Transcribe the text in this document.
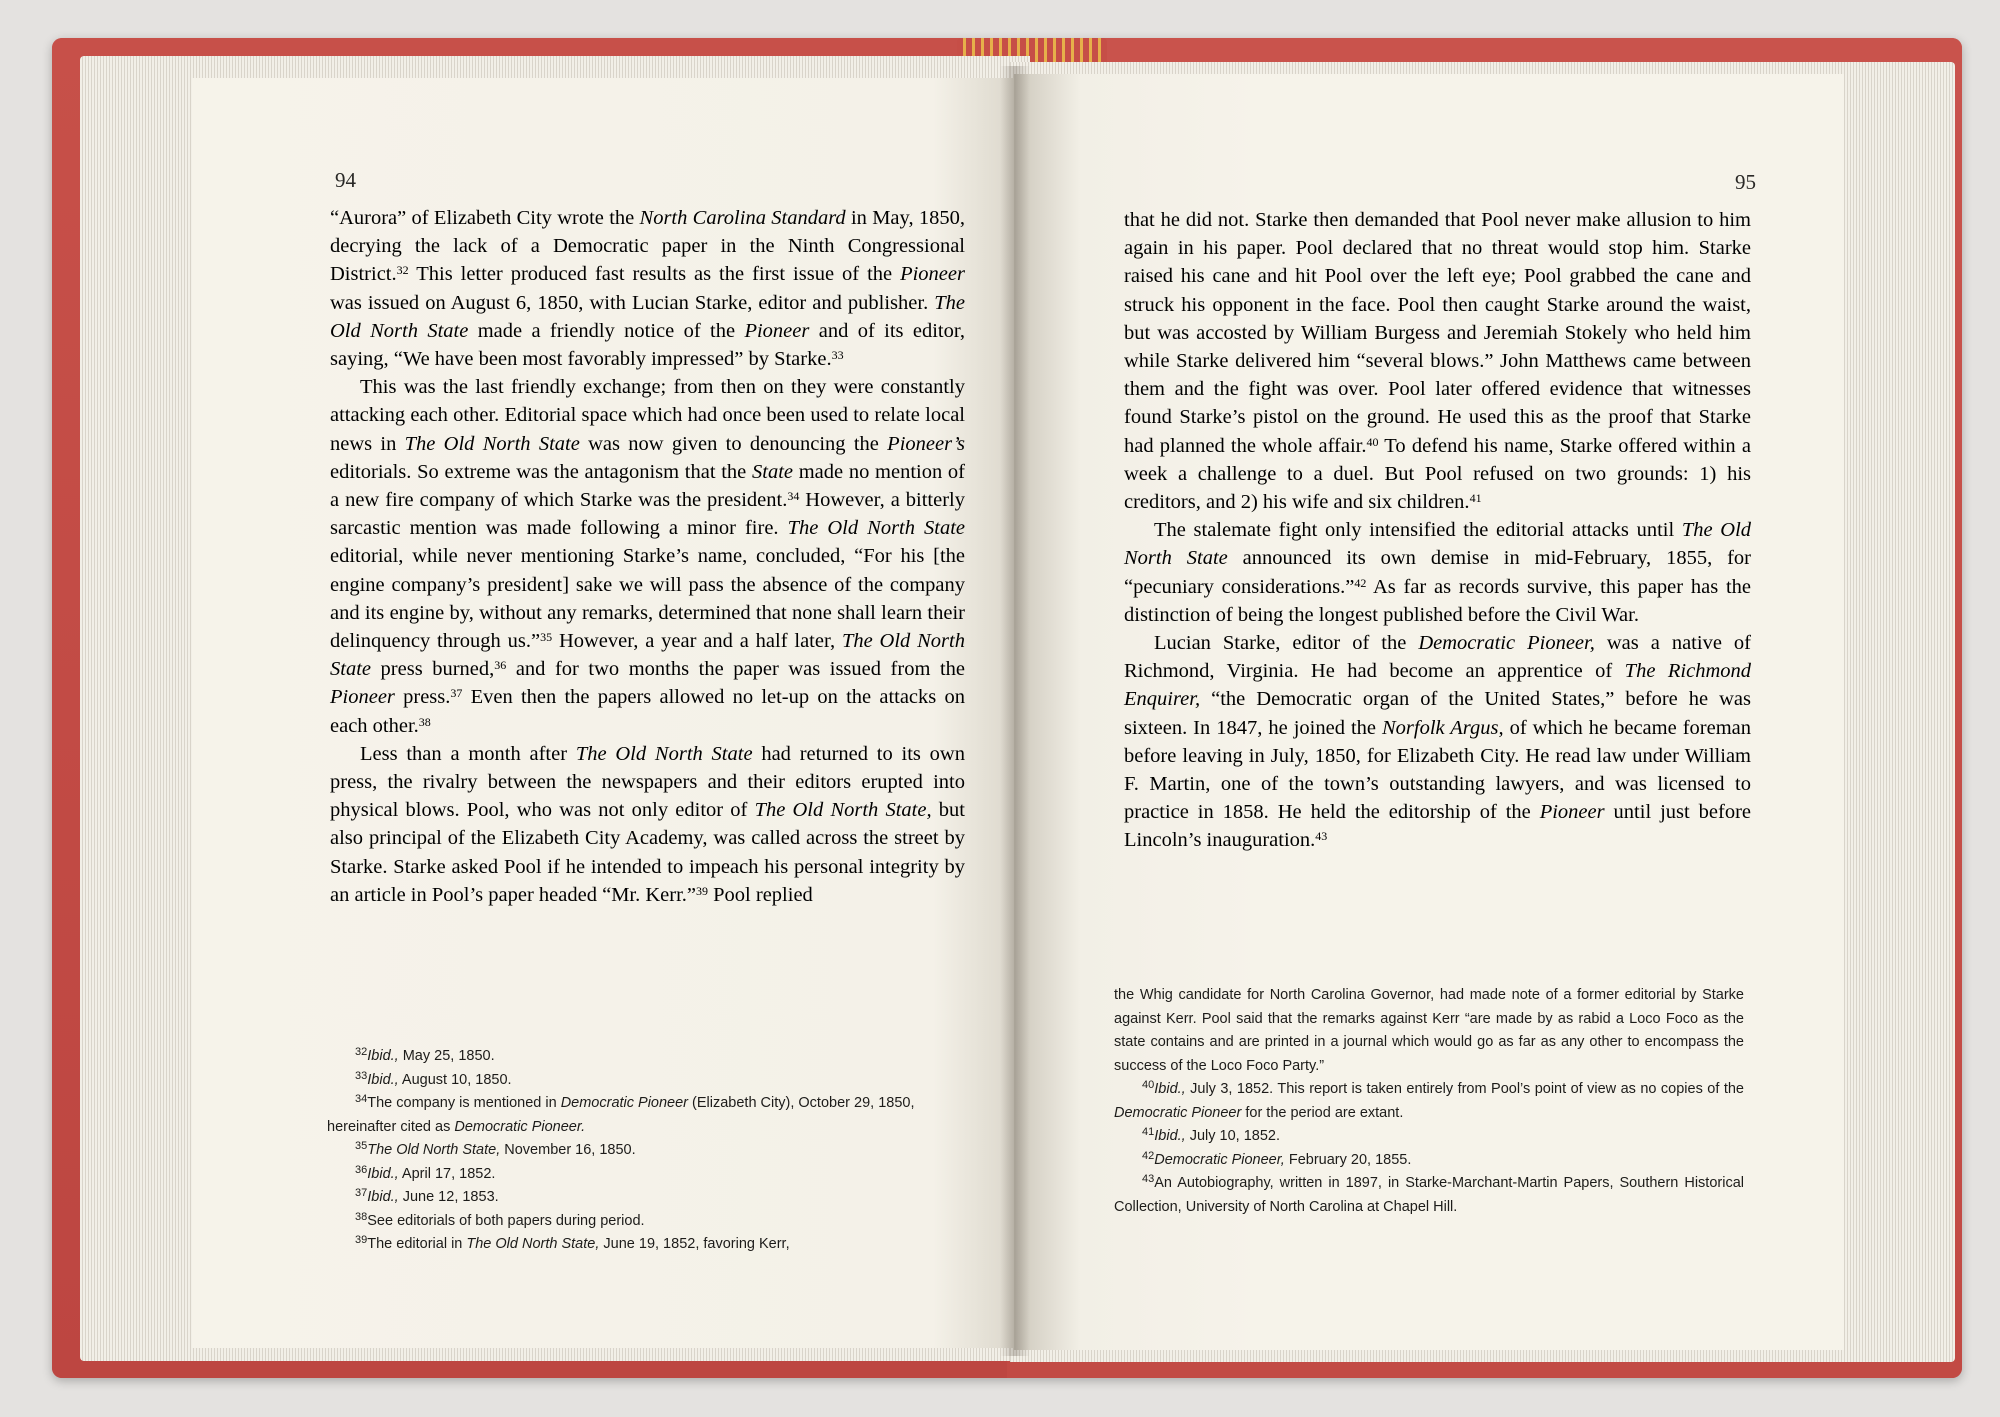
94	95

“Aurora” of Elizabeth City wrote the North Carolina Standard in May, 1850, decrying the lack of a Democratic paper in the Ninth Congressional District.$^{32}$ This letter produced fast results as the first issue of the Pioneer was issued on August 6, 1850, with Lucian Starke, editor and publisher. The Old North State made a friendly notice of the Pioneer and of its editor, saying, “We have been most favorably impressed” by Starke.$^{33}$

This was the last friendly exchange; from then on they were constantly attacking each other. Editorial space which had once been used to relate local news in The Old North State was now given to denouncing the Pioneer’s editorials. So extreme was the antagonism that the State made no mention of a new fire company of which Starke was the president.$^{34}$ However, a bitterly sarcastic mention was made following a minor fire. The Old North State editorial, while never mentioning Starke’s name, concluded, “For his [the engine company’s president] sake we will pass the absence of the company and its engine by, without any remarks, determined that none shall learn their delinquency through us.”$^{35}$ However, a year and a half later, The Old North State press burned,$^{36}$ and for two months the paper was issued from the Pioneer press.$^{37}$ Even then the papers allowed no let-up on the attacks on each other.$^{38}$

Less than a month after The Old North State had returned to its own press, the rivalry between the newspapers and their editors erupted into physical blows. Pool, who was not only editor of The Old North State, but also principal of the Elizabeth City Academy, was called across the street by Starke. Starke asked Pool if he intended to impeach his personal integrity by an article in Pool’s paper headed “Mr. Kerr.”$^{39}$ Pool replied

$^{32}$Ibid., May 25, 1850.

$^{33}$Ibid., August 10, 1850.

$^{34}$The company is mentioned in Democratic Pioneer (Elizabeth City), October 29, 1850, hereinafter cited as Democratic Pioneer.

$^{35}$The Old North State, November 16, 1850.

$^{36}$Ibid., April 17, 1852.

$^{37}$Ibid., June 12, 1853.

$^{38}$See editorials of both papers during period.

$^{39}$The editorial in The Old North State, June 19, 1852, favoring Kerr,

that he did not. Starke then demanded that Pool never make allusion to him again in his paper. Pool declared that no threat would stop him. Starke raised his cane and hit Pool over the left eye; Pool grabbed the cane and struck his opponent in the face. Pool then caught Starke around the waist, but was accosted by William Burgess and Jeremiah Stokely who held him while Starke delivered him “several blows.” John Matthews came between them and the fight was over. Pool later offered evidence that witnesses found Starke’s pistol on the ground. He used this as the proof that Starke had planned the whole affair.$^{40}$ To defend his name, Starke offered within a week a challenge to a duel. But Pool refused on two grounds: 1) his creditors, and 2) his wife and six children.$^{41}$

The stalemate fight only intensified the editorial attacks until The Old North State announced its own demise in mid-February, 1855, for “pecuniary considerations.”$^{42}$ As far as records survive, this paper has the distinction of being the longest published before the Civil War.

Lucian Starke, editor of the Democratic Pioneer, was a native of Richmond, Virginia. He had become an apprentice of The Richmond Enquirer, “the Democratic organ of the United States,” before he was sixteen. In 1847, he joined the Norfolk Argus, of which he became foreman before leaving in July, 1850, for Elizabeth City. He read law under William F. Martin, one of the town’s outstanding lawyers, and was licensed to practice in 1858. He held the editorship of the Pioneer until just before Lincoln’s inauguration.$^{43}$

the Whig candidate for North Carolina Governor, had made note of a former editorial by Starke against Kerr. Pool said that the remarks against Kerr “are made by as rabid a Loco Foco as the state contains and are printed in a journal which would go as far as any other to encompass the success of the Loco Foco Party.”

$^{40}$Ibid., July 3, 1852. This report is taken entirely from Pool’s point of view as no copies of the Democratic Pioneer for the period are extant.

$^{41}$Ibid., July 10, 1852.

$^{42}$Democratic Pioneer, February 20, 1855.

$^{43}$An Autobiography, written in 1897, in Starke-Marchant-Martin Papers, Southern Historical Collection, University of North Carolina at Chapel Hill.
